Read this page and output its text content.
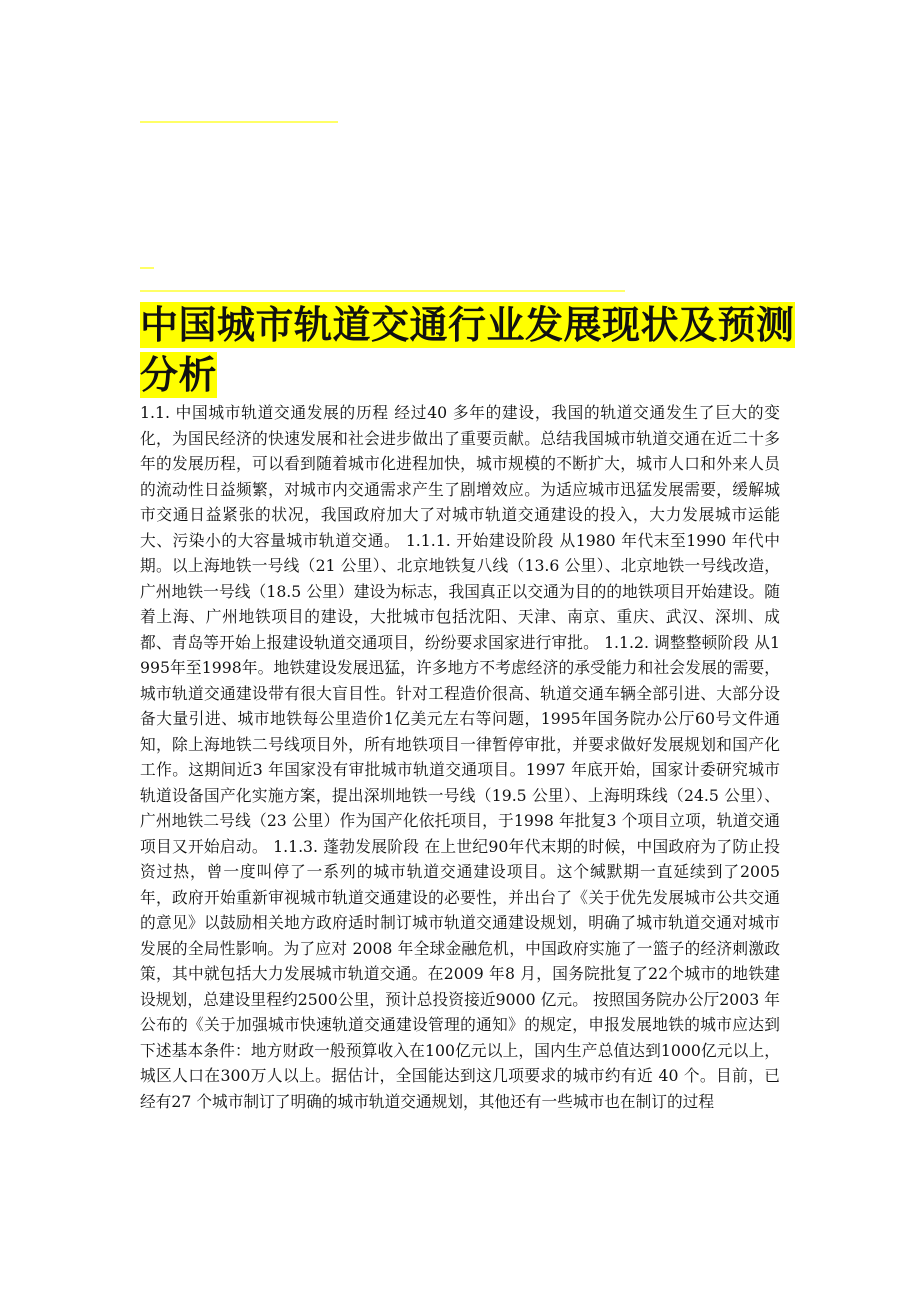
中国城市轨道交通行业发展现状及预测分析

1.1. 中国城市轨道交通发展的历程 经过40 多年的建设，我国的轨道交通发生了巨大的变化，为国民经济的快速发展和社会进步做出了重要贡献。总结我国城市轨道交通在近二十多年的发展历程，可以看到随着城市化进程加快，城市规模的不断扩大，城市人口和外来人员的流动性日益频繁，对城市内交通需求产生了剧增效应。为适应城市迅猛发展需要，缓解城市交通日益紧张的状况，我国政府加大了对城市轨道交通建设的投入，大力发展城市运能大、污染小的大容量城市轨道交通。 1.1.1. 开始建设阶段 从1980 年代末至1990 年代中期。以上海地铁一号线（21 公里）、北京地铁复八线（13.6 公里）、北京地铁一号线改造，广州地铁一号线（18.5 公里）建设为标志，我国真正以交通为目的的地铁项目开始建设。随着上海、广州地铁项目的建设，大批城市包括沈阳、天津、南京、重庆、武汉、深圳、成都、青岛等开始上报建设轨道交通项目，纷纷要求国家进行审批。 1.1.2. 调整整顿阶段 从1995年至1998年。地铁建设发展迅猛，许多地方不考虑经济的承受能力和社会发展的需要，城市轨道交通建设带有很大盲目性。针对工程造价很高、轨道交通车辆全部引进、大部分设备大量引进、城市地铁每公里造价1亿美元左右等问题，1995年国务院办公厅60号文件通知，除上海地铁二号线项目外，所有地铁项目一律暂停审批，并要求做好发展规划和国产化工作。这期间近3 年国家没有审批城市轨道交通项目。1997 年底开始，国家计委研究城市轨道设备国产化实施方案，提出深圳地铁一号线（19.5 公里）、上海明珠线（24.5 公里）、广州地铁二号线（23 公里）作为国产化依托项目，于1998 年批复3 个项目立项，轨道交通项目又开始启动。 1.1.3. 蓬勃发展阶段 在上世纪90年代末期的时候，中国政府为了防止投资过热，曾一度叫停了一系列的城市轨道交通建设项目。这个缄默期一直延续到了2005 年，政府开始重新审视城市轨道交通建设的必要性，并出台了《关于优先发展城市公共交通的意见》以鼓励相关地方政府适时制订城市轨道交通建设规划，明确了城市轨道交通对城市发展的全局性影响。为了应对 2008 年全球金融危机，中国政府实施了一篮子的经济刺激政策，其中就包括大力发展城市轨道交通。在2009 年8 月，国务院批复了22个城市的地铁建设规划，总建设里程约2500公里，预计总投资接近9000 亿元。 按照国务院办公厅2003 年公布的《关于加强城市快速轨道交通建设管理的通知》的规定，申报发展地铁的城市应达到下述基本条件：地方财政一般预算收入在100亿元以上，国内生产总值达到1000亿元以上，城区人口在300万人以上。据估计，全国能达到这几项要求的城市约有近 40 个。目前，已经有27 个城市制订了明确的城市轨道交通规划，其他还有一些城市也在制订的过程
